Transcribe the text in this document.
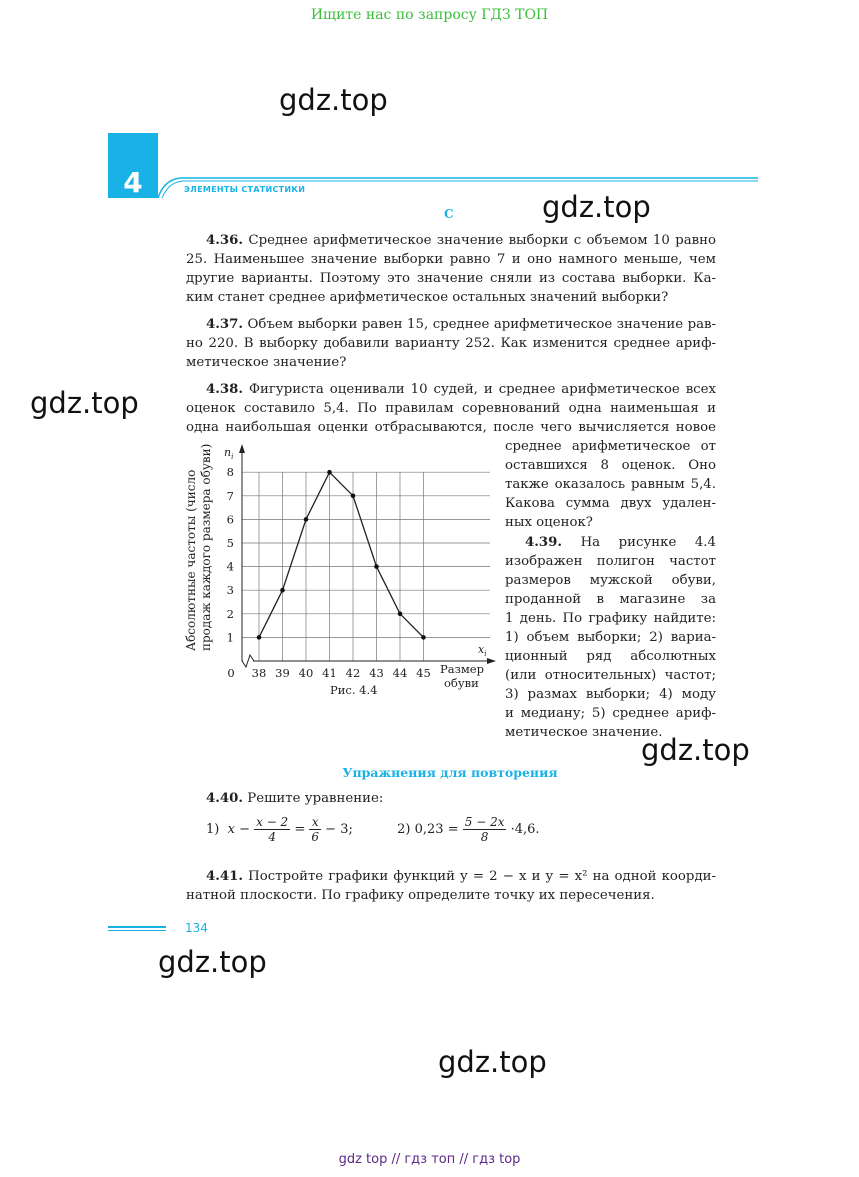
Ищите нас по запросу ГДЗ ТОП
gdz.top
gdz.top
gdz.top
gdz.top
gdz.top
gdz.top
4	ЭЛЕМЕНТЫ СТАТИСТИКИ
C
4.36. Среднее арифметическое значение выборки с объемом 10 равно
25. Наименьшее значение выборки равно 7 и оно намного меньше, чем
другие варианты. Поэтому это значение сняли из состава выборки. Ка-
ким станет среднее арифметическое остальных значений выборки?
4.37. Объем выборки равен 15, среднее арифметическое значение рав-
но 220. В выборку добавили варианту 252. Как изменится среднее ариф-
метическое значение?
4.38. Фигуриста оценивали 10 судей, и среднее арифметическое всех
оценок составило 5,4. По правилам соревнований одна наименьшая и
одна наибольшая оценки отбрасываются, после чего вычисляется новое
среднее арифметическое от
оставшихся 8 оценок. Оно
также оказалось равным 5,4.
Какова сумма двух удален-
ных оценок?
4.39. На рисунке 4.4
изображен полигон частот
размеров мужской обуви,
проданной в магазине за
1 день. По графику найдите:
1) объем выборки; 2) вариа-
ционный ряд абсолютных
(или относительных) частот;
3) размах выборки; 4) моду
и медиану; 5) среднее ариф-
метическое значение.
1
2
3
4
5
6
7
8
0 38 39 40 41 42 43 44 45
Абсолютные частоты (число продаж каждого размера обуви) $n_i$
$x_i$
Размер
обуви
Рис. 4.4
Упражнения для повторения
4.40. Решите уравнение:
1) $x - \frac{x - 2}{4} = \frac{x}{6} - 3$;	2) $0,23 = \frac{5 - 2x}{8} \cdot 4,6$.
4.41. Постройте графики функций y = 2 − x и y = x² на одной коорди-
натной плоскости. По графику определите точку их пересечения.
134
gdz top // гдз топ // гдз top
